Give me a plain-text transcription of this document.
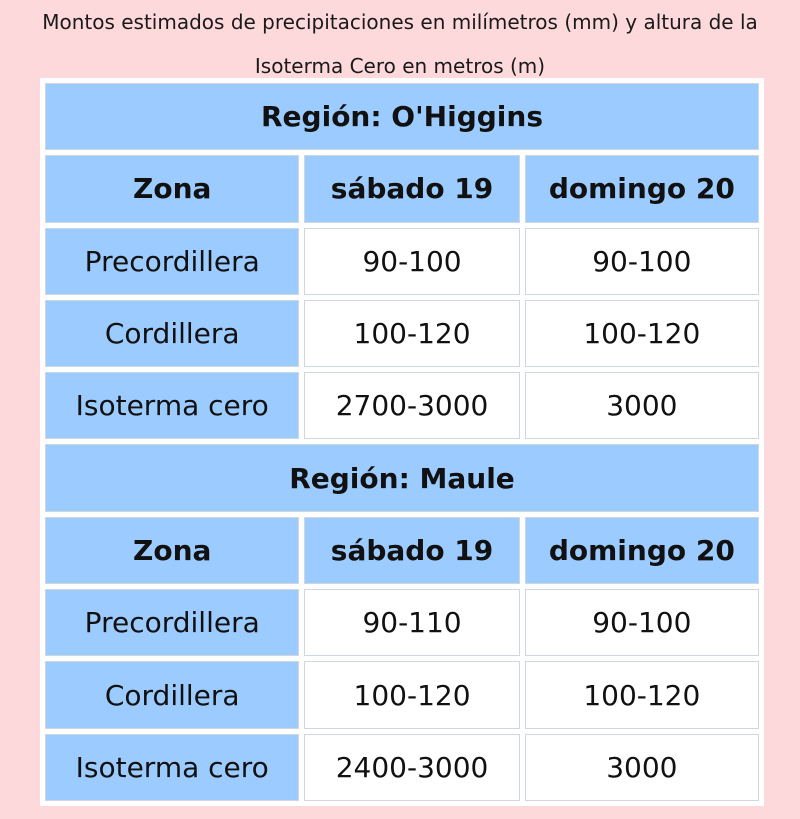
Montos estimados de precipitaciones en milímetros (mm) y altura de la
Isoterma Cero en metros (m)
Región: O'Higgins		
Zona	sábado 19	domingo 20
Precordillera	90-100	90-100
Cordillera	100-120	100-120
Isoterma cero	2700-3000	3000
Región: Maule		
Zona	sábado 19	domingo 20
Precordillera	90-110	90-100
Cordillera	100-120	100-120
Isoterma cero	2400-3000	3000
